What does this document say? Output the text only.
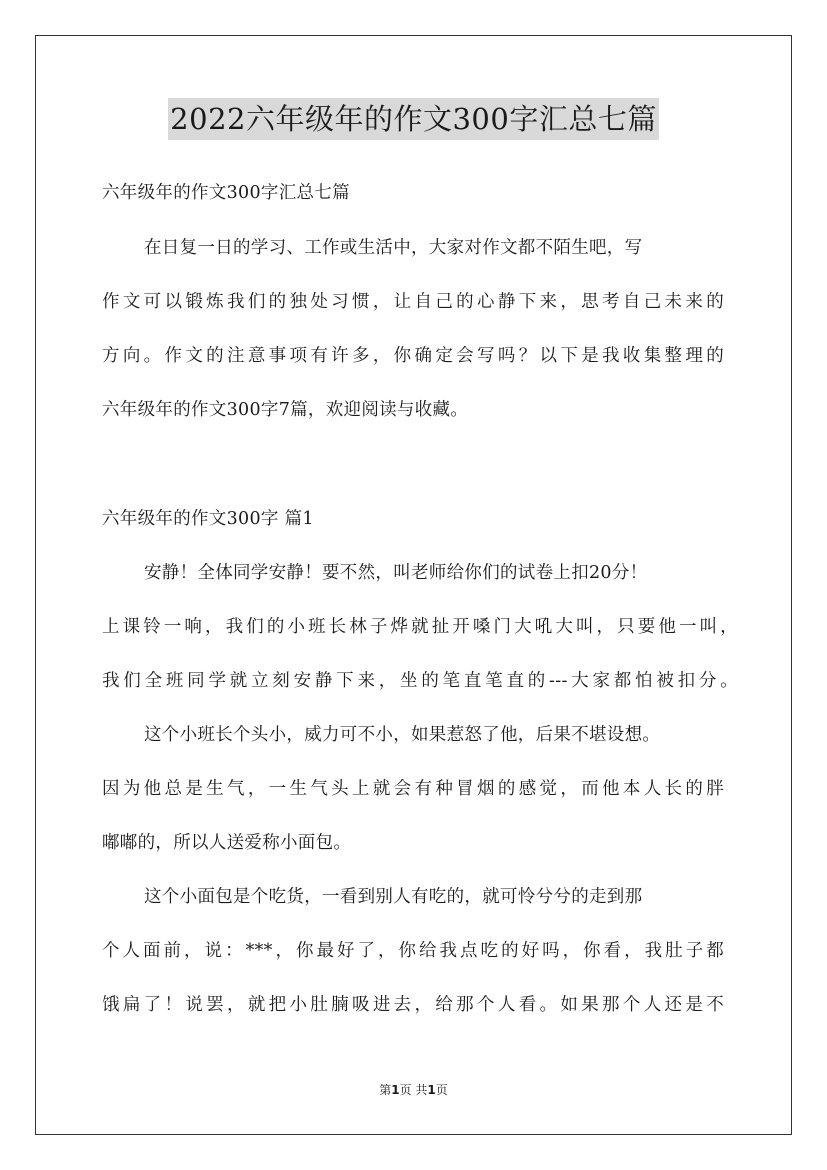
2022六年级年的作文300字汇总七篇
六年级年的作文300字汇总七篇
在日复一日的学习、工作或生活中，大家对作文都不陌生吧，写
作文可以锻炼我们的独处习惯，让自己的心静下来，思考自己未来的
方向。作文的注意事项有许多，你确定会写吗？以下是我收集整理的
六年级年的作文300字7篇，欢迎阅读与收藏。
六年级年的作文300字 篇1
安静！全体同学安静！要不然，叫老师给你们的试卷上扣20分！
上课铃一响，我们的小班长林子烨就扯开嗓门大吼大叫，只要他一叫，
我们全班同学就立刻安静下来，坐的笔直笔直的---大家都怕被扣分。
这个小班长个头小，威力可不小，如果惹怒了他，后果不堪设想。
因为他总是生气，一生气头上就会有种冒烟的感觉，而他本人长的胖
嘟嘟的，所以人送爱称小面包。
这个小面包是个吃货，一看到别人有吃的，就可怜兮兮的走到那
个人面前，说：***，你最好了，你给我点吃的好吗，你看，我肚子都
饿扁了！说罢，就把小肚腩吸进去，给那个人看。如果那个人还是不
第1页 共1页
